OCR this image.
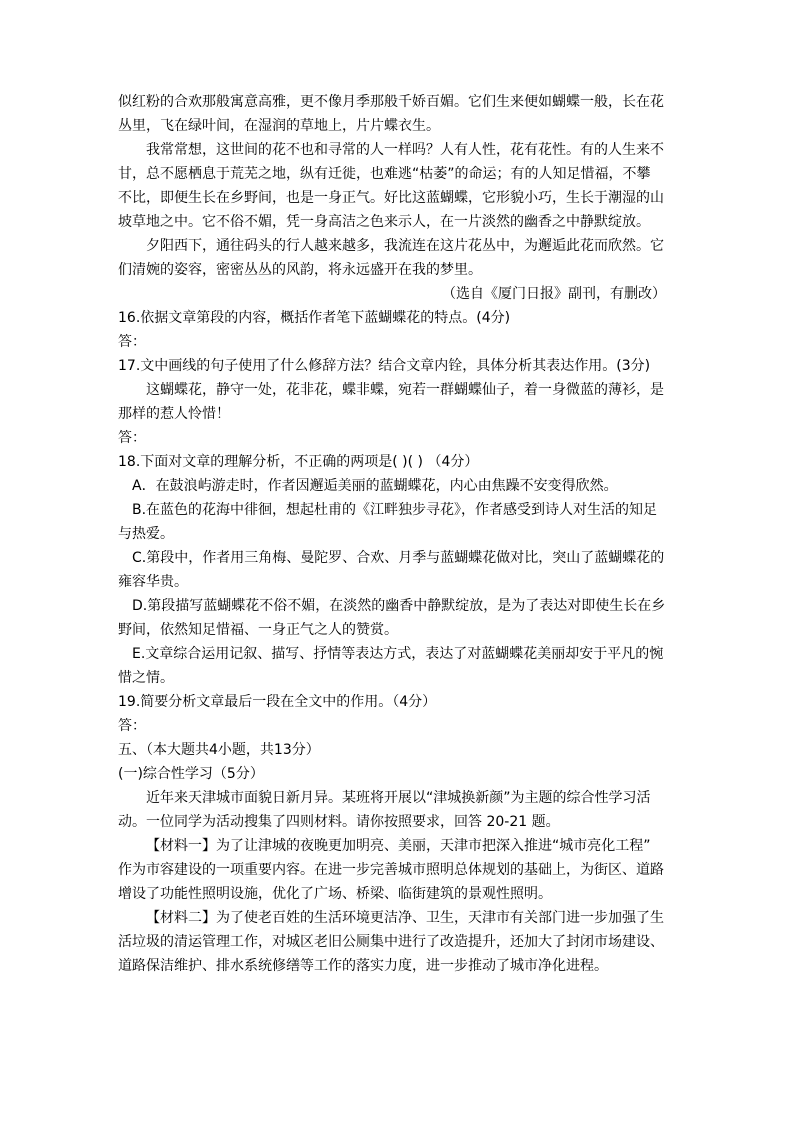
似红粉的合欢那般寓意高雅，更不像月季那般千娇百媚。它们生来便如蝴蝶一般，长在花
丛里，飞在绿叶间，在湿润的草地上，片片蝶衣生。
我常常想，这世间的花不也和寻常的人一样吗？人有人性，花有花性。有的人生来不
甘，总不愿栖息于荒芜之地，纵有迁徙，也难逃“枯萎”的命运；有的人知足惜福，不攀
不比，即便生长在乡野间，也是一身正气。好比这蓝蝴蝶，它形貌小巧，生长于潮湿的山
坡草地之中。它不俗不媚，凭一身高洁之色来示人，在一片淡然的幽香之中静默绽放。
夕阳西下，通往码头的行人越来越多，我流连在这片花丛中，为邂逅此花而欣然。它
们清婉的姿容，密密丛丛的风韵，将永远盛开在我的梦里。
（选自《厦门日报》副刊，有删改）
16.依据文章第段的内容，概括作者笔下蓝蝴蝶花的特点。(4分)
答：
17.文中画线的句子使用了什么修辞方法？结合文章内铨，具体分析其表达作用。(3分)
这蝴蝶花，静守一处，花非花，蝶非蝶，宛若一群蝴蝶仙子，着一身微蓝的薄衫，是
那样的惹人怜惜！
答：
18.下面对文章的理解分析，不正确的两项是( )( ) （4分）
A．在鼓浪屿游走时，作者因邂逅美丽的蓝蝴蝶花，内心由焦躁不安变得欣然。
B.在蓝色的花海中徘徊，想起杜甫的《江畔独步寻花》，作者感受到诗人对生活的知足
与热爱。
C.第段中，作者用三角梅、曼陀罗、合欢、月季与蓝蝴蝶花做对比，突山了蓝蝴蝶花的
雍容华贵。
D.第段描写蓝蝴蝶花不俗不媚，在淡然的幽香中静默绽放，是为了表达对即使生长在乡
野间，依然知足惜福、一身正气之人的赞赏。
E.文章综合运用记叙、描写、抒情等表达方式，表达了对蓝蝴蝶花美丽却安于平凡的惋
惜之情。
19.简要分析文章最后一段在全文中的作用。（4分）
答：
五、（本大题共4小题，共13分）
(一)综合性学习（5分）
近年来天津城市面貌日新月异。某班将开展以“津城换新颜”为主题的综合性学习活
动。一位同学为活动搜集了四则材料。请你按照要求，回答 20-21 题。
【材料一】为了让津城的夜晚更加明亮、美丽，天津市把深入推进“城市亮化工程”
作为市容建设的一项重要内容。在进一步完善城市照明总体规划的基础上，为街区、道路
增设了功能性照明设施，优化了广场、桥梁、临街建筑的景观性照明。
【材料二】为了使老百姓的生活环境更洁净、卫生，天津市有关部门进一步加强了生
活垃圾的清运管理工作，对城区老旧公厕集中进行了改造提升，还加大了封闭市场建设、
道路保洁维护、排水系统修缮等工作的落实力度，进一步推动了城市净化进程。
